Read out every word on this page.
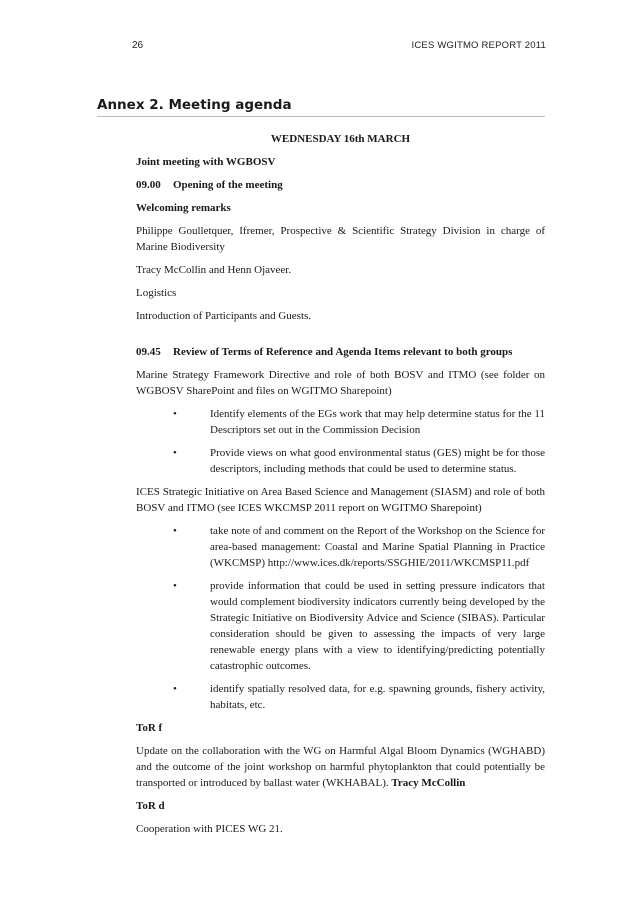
26	ICES WGITMO REPORT 2011
Annex 2. Meeting agenda
WEDNESDAY 16th MARCH
Joint meeting with WGBOSV
09.00 Opening of the meeting
Welcoming remarks
Philippe Goulletquer, Ifremer, Prospective & Scientific Strategy Division in charge of Marine Biodiversity
Tracy McCollin and Henn Ojaveer.
Logistics
Introduction of Participants and Guests.
09.45 Review of Terms of Reference and Agenda Items relevant to both groups
Marine Strategy Framework Directive and role of both BOSV and ITMO (see folder on WGBOSV SharePoint and files on WGITMO Sharepoint)
•	Identify elements of the EGs work that may help determine status for the 11 Descriptors set out in the Commission Decision
•	Provide views on what good environmental status (GES) might be for those descriptors, including methods that could be used to determine status.
ICES Strategic Initiative on Area Based Science and Management (SIASM) and role of both BOSV and ITMO (see ICES WKCMSP 2011 report on WGITMO Sharepoint)
•	take note of and comment on the Report of the Workshop on the Science for area-based management: Coastal and Marine Spatial Planning in Practice (WKCMSP) http://www.ices.dk/reports/SSGHIE/2011/WKCMSP11.pdf
•	provide information that could be used in setting pressure indicators that would complement biodiversity indicators currently being developed by the Strategic Initiative on Biodiversity Advice and Science (SIBAS). Particular consideration should be given to assessing the impacts of very large renewable energy plans with a view to identifying/predicting potentially catastrophic outcomes.
•	identify spatially resolved data, for e.g. spawning grounds, fishery activity, habitats, etc.
ToR f
Update on the collaboration with the WG on Harmful Algal Bloom Dynamics (WGHABD) and the outcome of the joint workshop on harmful phytoplankton that could potentially be transported or introduced by ballast water (WKHABAL). Tracy McCollin
ToR d
Cooperation with PICES WG 21.
